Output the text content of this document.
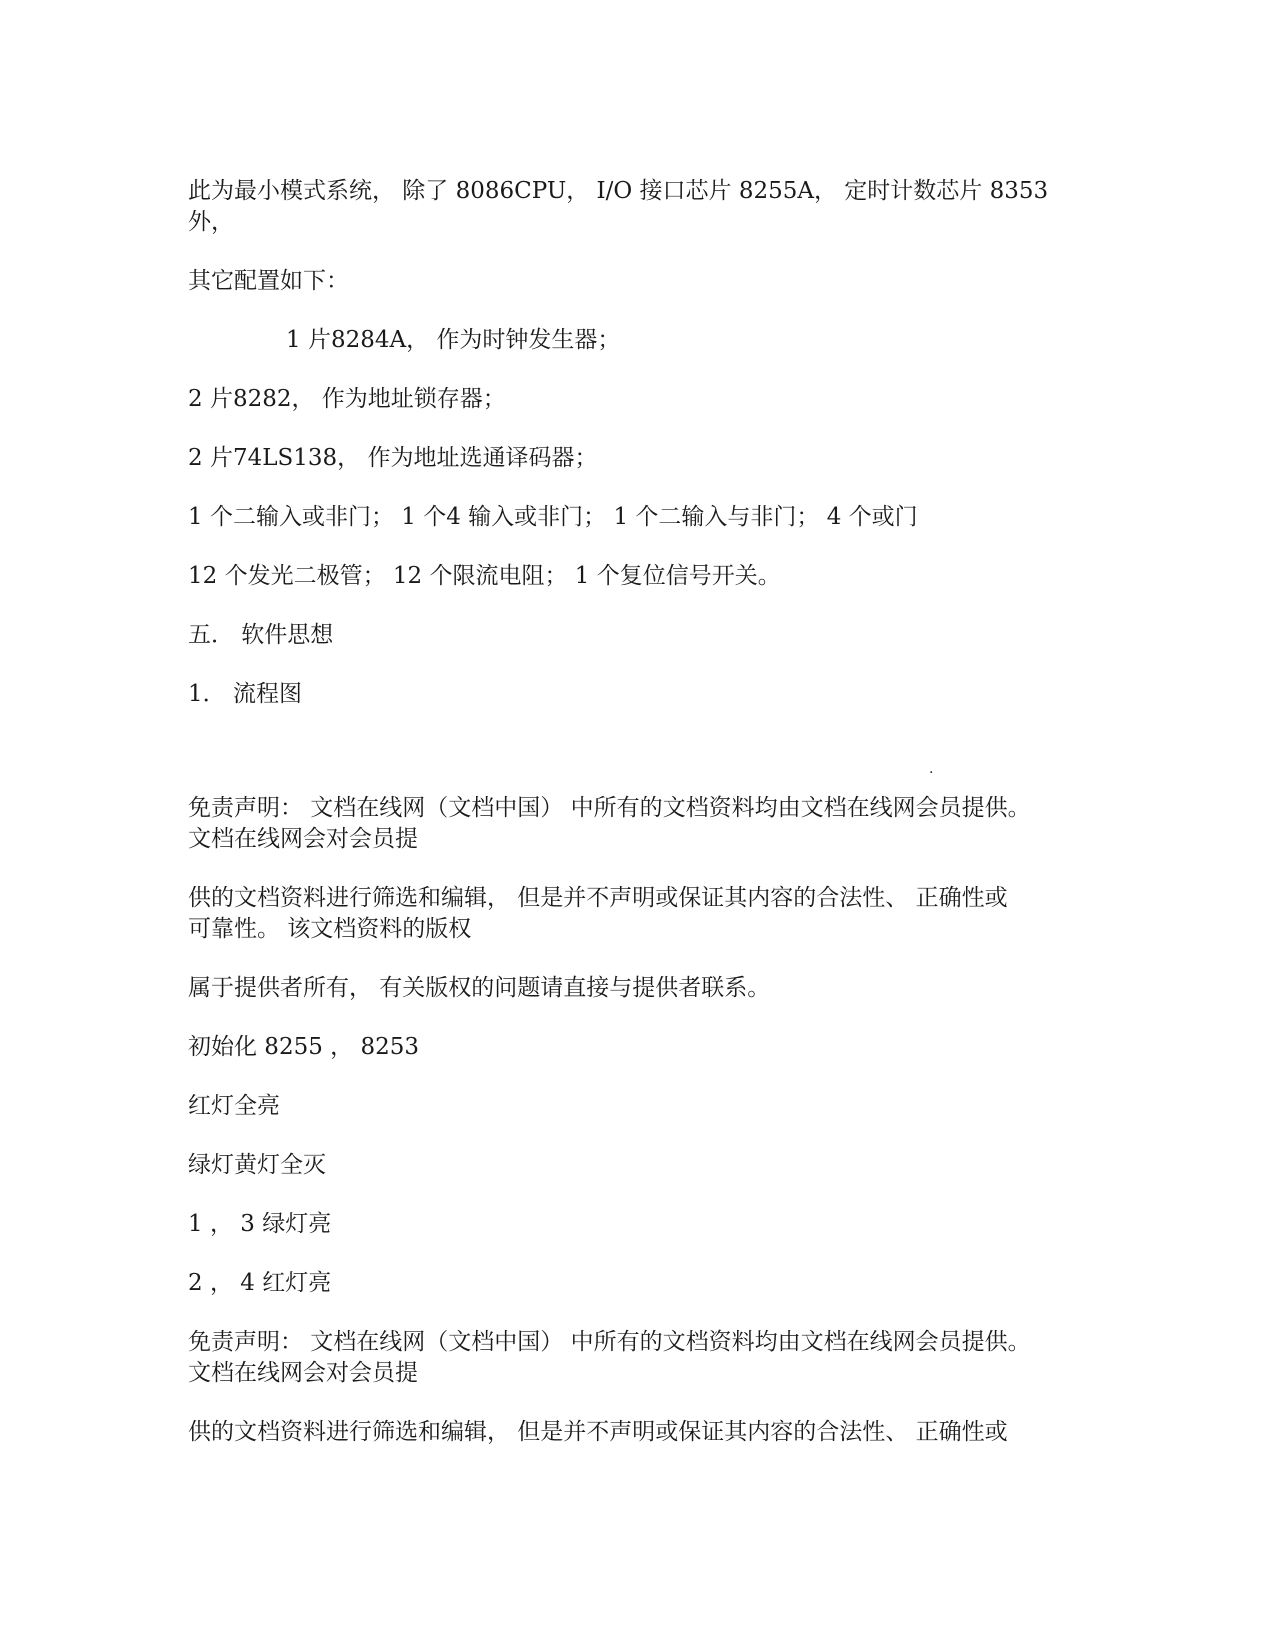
此为最小模式系统， 除了 8086CPU， I/O 接口芯片 8255A， 定时计数芯片 8353

外，

其它配置如下：

1 片8284A， 作为时钟发生器；

2 片8282， 作为地址锁存器；

2 片74LS138， 作为地址选通译码器；

1 个二输入或非门； 1 个4 输入或非门； 1 个二输入与非门； 4 个或门

12 个发光二极管； 12 个限流电阻； 1 个复位信号开关。

五． 软件思想

1． 流程图

.

免责声明： 文档在线网（文档中国） 中所有的文档资料均由文档在线网会员提供。

文档在线网会对会员提

供的文档资料进行筛选和编辑， 但是并不声明或保证其内容的合法性、 正确性或

可靠性。 该文档资料的版权

属于提供者所有， 有关版权的问题请直接与提供者联系。

初始化 8255 ， 8253

红灯全亮

绿灯黄灯全灭

1 ， 3 绿灯亮

2 ， 4 红灯亮

免责声明： 文档在线网（文档中国） 中所有的文档资料均由文档在线网会员提供。

文档在线网会对会员提

供的文档资料进行筛选和编辑， 但是并不声明或保证其内容的合法性、 正确性或
